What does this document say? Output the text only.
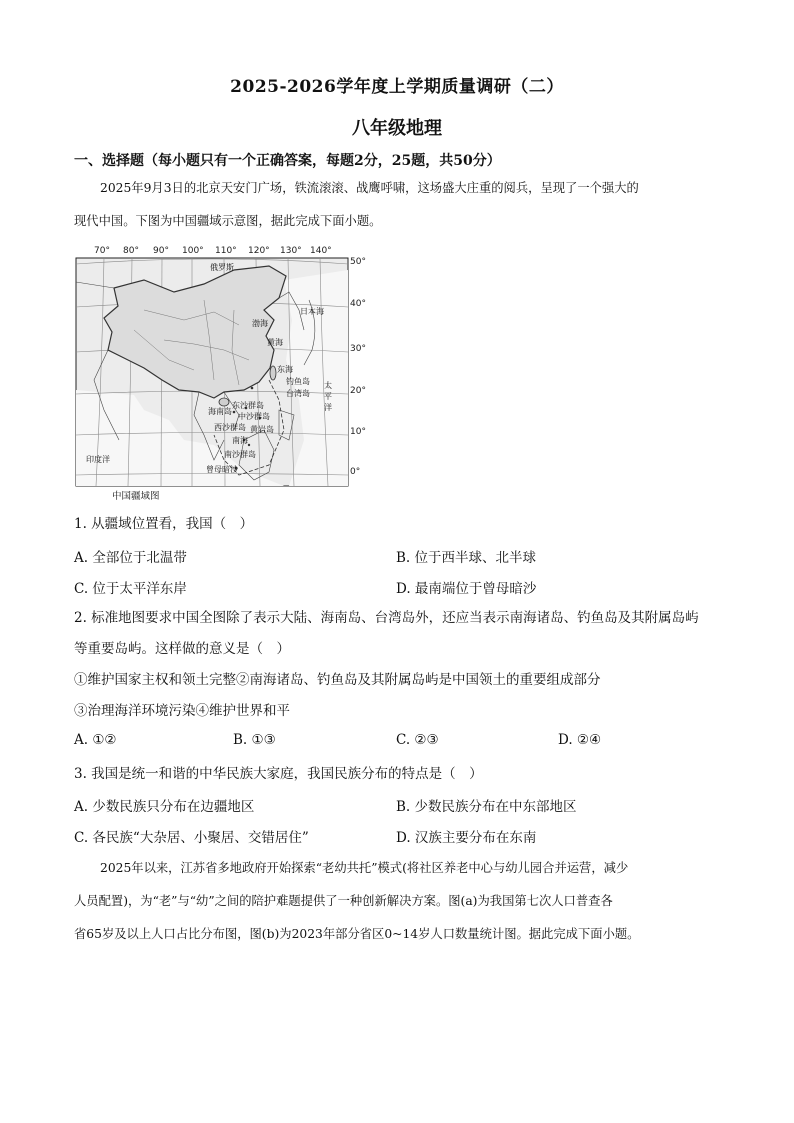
2025-2026学年度上学期质量调研（二）
八年级地理
一、选择题（每小题只有一个正确答案，每题2分，25题，共50分）
2025年9月3日的北京天安门广场，铁流滚滚、战鹰呼啸，这场盛大庄重的阅兵，呈现了一个强大的
现代中国。下图为中国疆域示意图，据此完成下面小题。
70° 80° 90° 100° 110° 120° 130° 140°
50°
40°
30°
20°
10°
0°
俄罗斯
日本海
渤海
黄海
东海
钓鱼岛
台湾岛
东沙群岛
海南岛
中沙群岛
西沙群岛 黄岩岛
南海
南沙群岛
曾母暗沙
印度洋
太 平 洋
中国疆域图
1. 从疆域位置看，我国（　）
A. 全部位于北温带	B. 位于西半球、北半球
C. 位于太平洋东岸	D. 最南端位于曾母暗沙
2. 标准地图要求中国全图除了表示大陆、海南岛、台湾岛外，还应当表示南海诸岛、钓鱼岛及其附属岛屿
等重要岛屿。这样做的意义是（　）
①维护国家主权和领土完整②南海诸岛、钓鱼岛及其附属岛屿是中国领土的重要组成部分
③治理海洋环境污染④维护世界和平
A. ①②	B. ①③	C. ②③	D. ②④
3. 我国是统一和谐的中华民族大家庭，我国民族分布的特点是（　）
A. 少数民族只分布在边疆地区	B. 少数民族分布在中东部地区
C. 各民族“大杂居、小聚居、交错居住”	D. 汉族主要分布在东南
2025年以来，江苏省多地政府开始探索“老幼共托”模式(将社区养老中心与幼儿园合并运营，减少
人员配置)，为“老”与“幼”之间的陪护难题提供了一种创新解决方案。图(a)为我国第七次人口普查各
省65岁及以上人口占比分布图，图(b)为2023年部分省区0~14岁人口数量统计图。据此完成下面小题。
